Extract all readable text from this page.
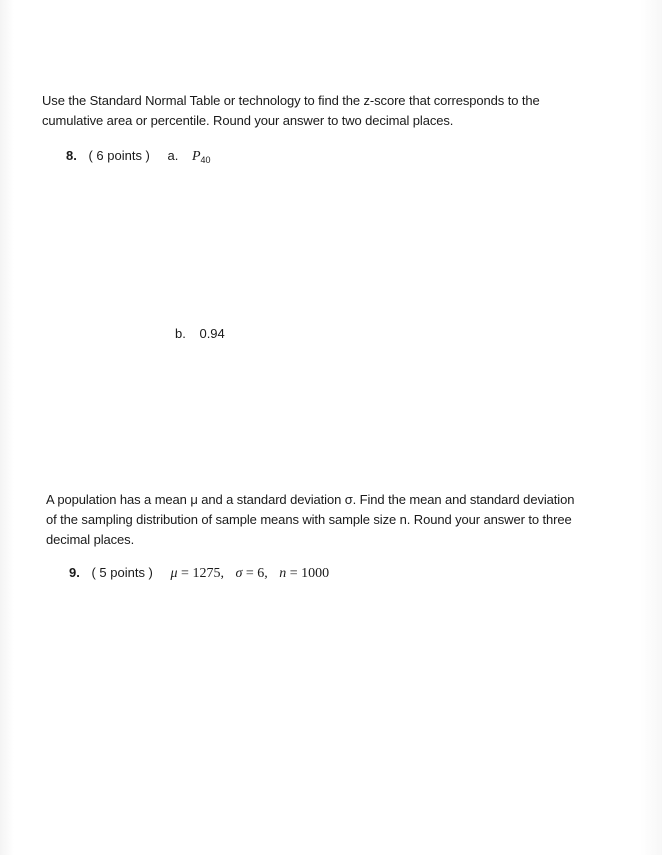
Use the Standard Normal Table or technology to find the z-score that corresponds to the
cumulative area or percentile. Round your answer to two decimal places.
8. ( 6 points ) a. $P_{40}$
b. 0.94
A population has a mean μ and a standard deviation σ. Find the mean and standard deviation
of the sampling distribution of sample means with sample size n. Round your answer to three
decimal places.
9. ( 5 points ) μ = 1275, σ = 6, n = 1000
